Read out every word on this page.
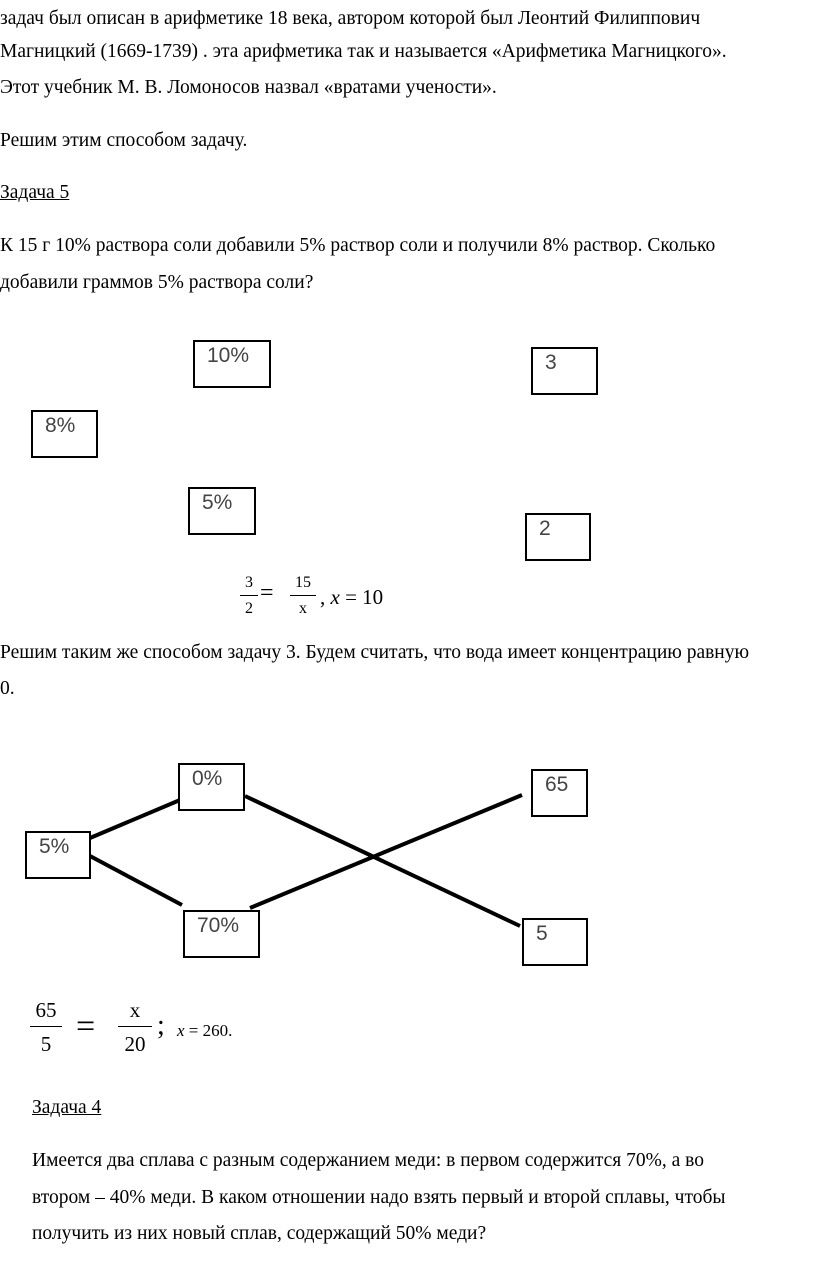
задач был описан в арифметике 18 века, автором которой был Леонтий Филиппович
Магницкий (1669-1739) . эта арифметика так и называется «Арифметика Магницкого».
Этот учебник М. В. Ломоносов назвал «вратами учености».
Решим этим способом задачу.
Задача 5
К 15 г 10% раствора соли добавили 5% раствор соли и получили 8% раствор. Сколько
добавили граммов 5% раствора соли?
10%
8%
5%
3
2
3
2
=	15
x , x = 10
Решим таким же способом задачу 3. Будем считать, что вода имеет концентрацию равную
0.
0%
5%
70%
65
5
65
5 =	x
20
; x = 260.
Задача 4
Имеется два сплава с разным содержанием меди: в первом содержится 70%, а во
втором – 40% меди. В каком отношении надо взять первый и второй сплавы, чтобы
получить из них новый сплав, содержащий 50% меди?
